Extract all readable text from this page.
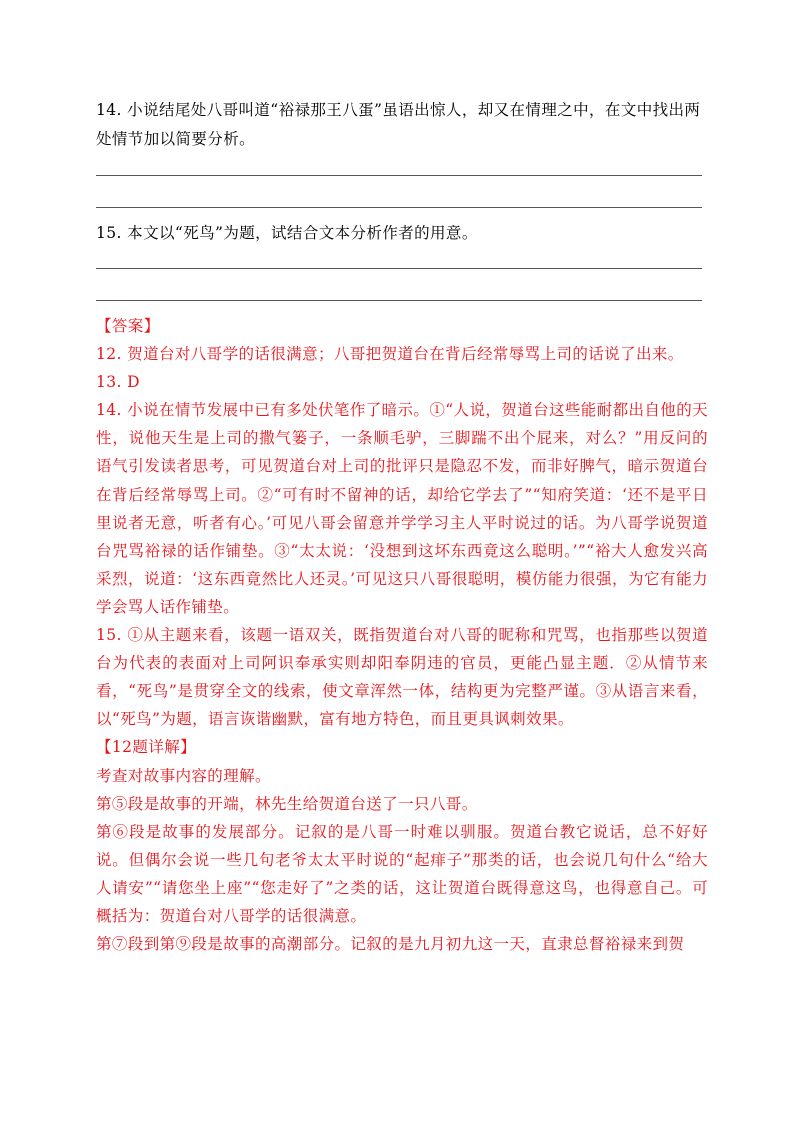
14. 小说结尾处八哥叫道“裕禄那王八蛋”虽语出惊人，却又在情理之中，在文中找出两处情节加以简要分析。
15. 本文以“死鸟”为题，试结合文本分析作者的用意。

【答案】

12. 贺道台对八哥学的话很满意；八哥把贺道台在背后经常辱骂上司的话说了出来。

13. D

14. 小说在情节发展中已有多处伏笔作了暗示。①“人说，贺道台这些能耐都出自他的天性，说他天生是上司的撒气篓子，一条顺毛驴，三脚踹不出个屁来，对么？”用反问的语气引发读者思考，可见贺道台对上司的批评只是隐忍不发，而非好脾气，暗示贺道台在背后经常辱骂上司。②“可有时不留神的话，却给它学去了”“知府笑道：‘还不是平日里说者无意，听者有心。’可见八哥会留意并学学习主人平时说过的话。为八哥学说贺道台咒骂裕禄的话作铺垫。③“太太说：‘没想到这坏东西竟这么聪明。’”“裕大人愈发兴高采烈，说道：‘这东西竟然比人还灵。’可见这只八哥很聪明，模仿能力很强，为它有能力学会骂人话作铺垫。

15. ①从主题来看，该题一语双关，既指贺道台对八哥的昵称和咒骂，也指那些以贺道台为代表的表面对上司阿识奉承实则却阳奉阴违的官员，更能凸显主题．②从情节来看，“死鸟”是贯穿全文的线索，使文章浑然一体，结构更为完整严谨。③从语言来看，以“死鸟”为题，语言诙谐幽默，富有地方特色，而且更具讽刺效果。

【12题详解】

考查对故事内容的理解。

第⑤段是故事的开端，林先生给贺道台送了一只八哥。

第⑥段是故事的发展部分。记叙的是八哥一时难以驯服。贺道台教它说话，总不好好说。但偶尔会说一些几句老爷太太平时说的“起痱子”那类的话，也会说几句什么“给大人请安”“请您坐上座”“您走好了”之类的话，这让贺道台既得意这鸟，也得意自己。可概括为：贺道台对八哥学的话很满意。

第⑦段到第⑨段是故事的高潮部分。记叙的是九月初九这一天，直隶总督裕禄来到贺
